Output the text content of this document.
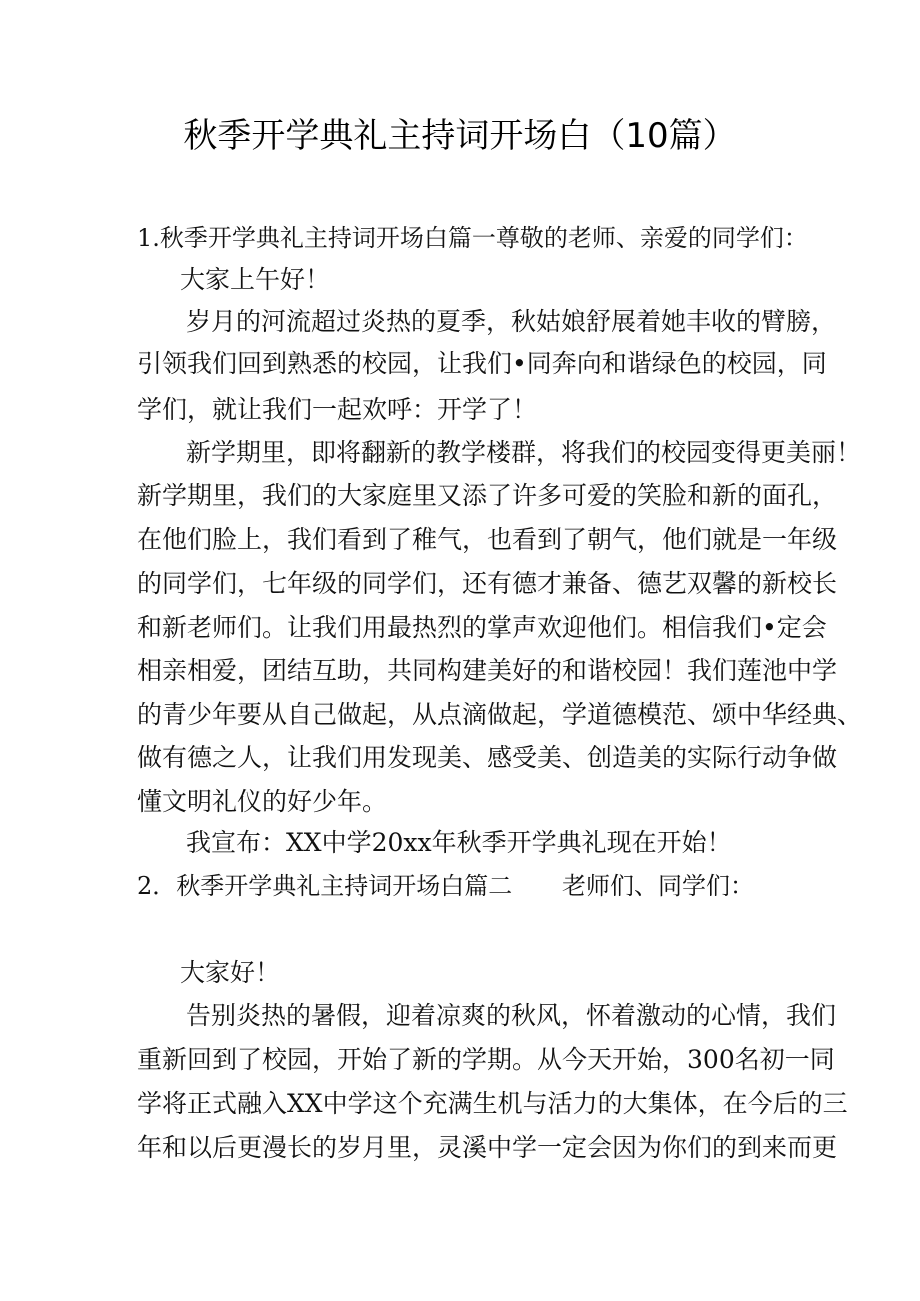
秋季开学典礼主持词开场白（10篇）
1.秋季开学典礼主持词开场白篇一尊敬的老师、亲爱的同学们：
大家上午好！
岁月的河流超过炎热的夏季，秋姑娘舒展着她丰收的臂膀，
引领我们回到熟悉的校园，让我们•同奔向和谐绿色的校园，同
学们，就让我们一起欢呼：开学了！
新学期里，即将翻新的教学楼群，将我们的校园变得更美丽！
新学期里，我们的大家庭里又添了许多可爱的笑脸和新的面孔，
在他们脸上，我们看到了稚气，也看到了朝气，他们就是一年级
的同学们，七年级的同学们，还有德才兼备、德艺双馨的新校长
和新老师们。让我们用最热烈的掌声欢迎他们。相信我们•定会
相亲相爱，团结互助，共同构建美好的和谐校园！我们莲池中学
的青少年要从自己做起，从点滴做起，学道德模范、颂中华经典、
做有德之人，让我们用发现美、感受美、创造美的实际行动争做
懂文明礼仪的好少年。
我宣布：XX中学20xx年秋季开学典礼现在开始！
2．秋季开学典礼主持词开场白篇二 老师们、同学们：
大家好！
告别炎热的暑假，迎着凉爽的秋风，怀着激动的心情，我们
重新回到了校园，开始了新的学期。从今天开始，300名初一同
学将正式融入XX中学这个充满生机与活力的大集体，在今后的三
年和以后更漫长的岁月里，灵溪中学一定会因为你们的到来而更
